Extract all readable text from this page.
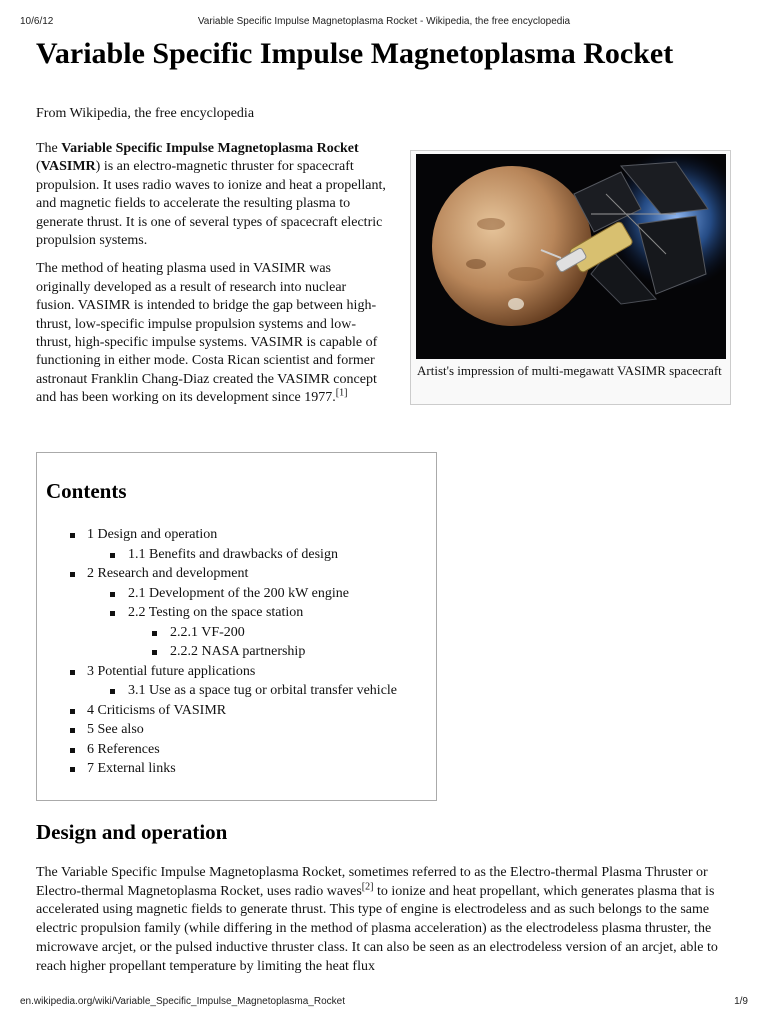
10/6/12	Variable Specific Impulse Magnetoplasma Rocket - Wikipedia, the free encyclopedia
Variable Specific Impulse Magnetoplasma Rocket
From Wikipedia, the free encyclopedia

The Variable Specific Impulse Magnetoplasma Rocket (VASIMR) is an electro-magnetic thruster for spacecraft propulsion. It uses radio waves to ionize and heat a propellant, and magnetic fields to accelerate the resulting plasma to generate thrust. It is one of several types of spacecraft electric propulsion systems.

The method of heating plasma used in VASIMR was originally developed as a result of research into nuclear fusion. VASIMR is intended to bridge the gap between high-thrust, low-specific impulse propulsion systems and low-thrust, high-specific impulse systems. VASIMR is capable of functioning in either mode. Costa Rican scientist and former astronaut Franklin Chang-Diaz created the VASIMR concept and has been working on its development since 1977.[1]

Artist's impression of multi-megawatt VASIMR spacecraft
Contents
1 Design and operation
1.1 Benefits and drawbacks of design
2 Research and development
2.1 Development of the 200 kW engine
2.2 Testing on the space station
2.2.1 VF-200
2.2.2 NASA partnership
3 Potential future applications
3.1 Use as a space tug or orbital transfer vehicle
4 Criticisms of VASIMR
5 See also
6 References
7 External links
Design and operation
The Variable Specific Impulse Magnetoplasma Rocket, sometimes referred to as the Electro-thermal Plasma Thruster or Electro-thermal Magnetoplasma Rocket, uses radio waves[2] to ionize and heat propellant, which generates plasma that is accelerated using magnetic fields to generate thrust. This type of engine is electrodeless and as such belongs to the same electric propulsion family (while differing in the method of plasma acceleration) as the electrodeless plasma thruster, the microwave arcjet, or the pulsed inductive thruster class. It can also be seen as an electrodeless version of an arcjet, able to reach higher propellant temperature by limiting the heat flux
en.wikipedia.org/wiki/Variable_Specific_Impulse_Magnetoplasma_Rocket	1/9
